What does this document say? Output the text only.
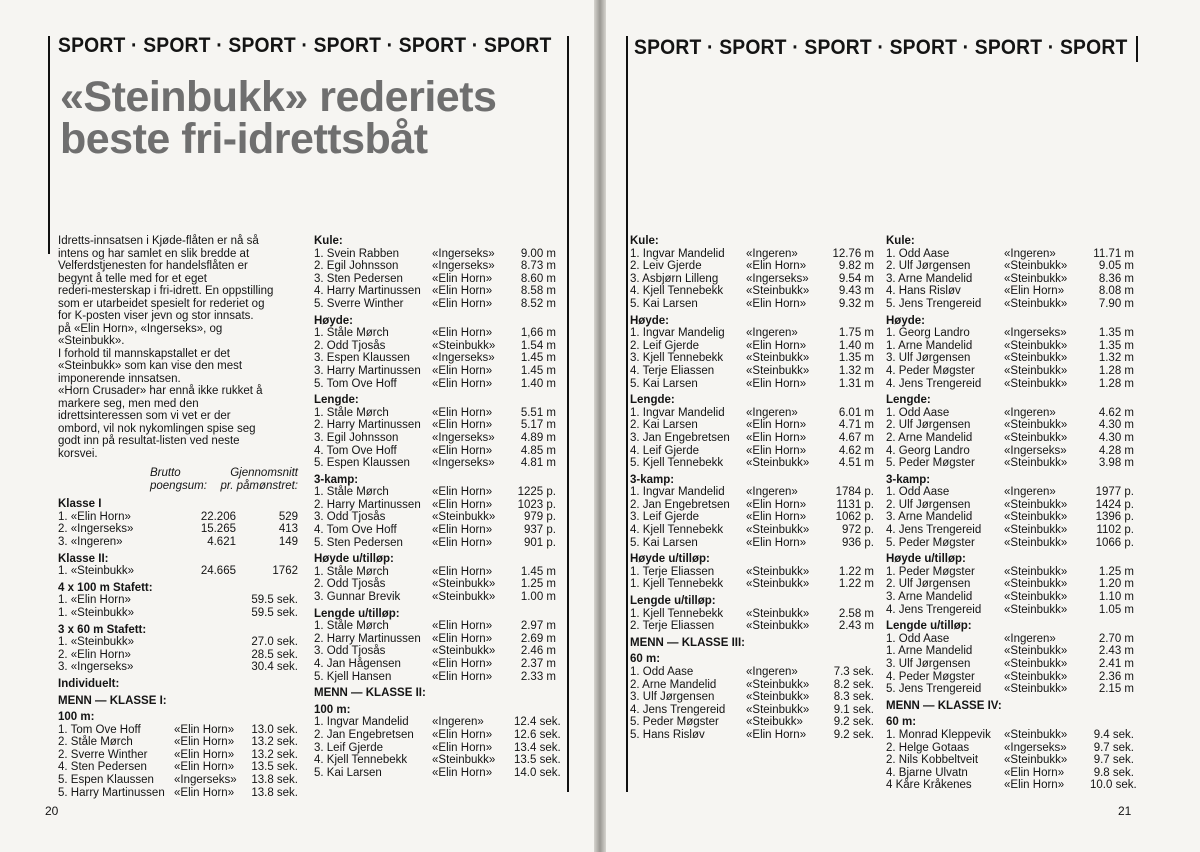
SPORT · SPORT · SPORT · SPORT · SPORT · SPORT
«Steinbukk» rederiets
beste fri-idrettsbåt

Idretts-innsatsen i Kjøde-flåten er nå så

intens og har samlet en slik bredde at

Velferdstjenesten for handelsflåten er

begynt å telle med for et eget

rederi-mesterskap i fri-idrett. En oppstilling

som er utarbeidet spesielt for rederiet og

for K-posten viser jevn og stor innsats.

på «Elin Horn», «Ingerseks», og

«Steinbukk».

I forhold til mannskapstallet er det

«Steinbukk» som kan vise den mest

imponerende innsatsen.

«Horn Crusader» har ennå ikke rukket å

markere seg, men med den

idrettsinteressen som vi vet er der

ombord, vil nok nykomlingen spise seg

godt inn på resultat-listen ved neste

korsvei.

Brutto	Gjennomsnitt
poengsum: pr. påmønstret:
Klasse I
1. «Elin Horn»	22.206	529
2. «Ingerseks»	15.265	413
3. «Ingeren»	4.621	149
Klasse II:
1. «Steinbukk»	24.665	1762
4 x 100 m Stafett:
1. «Elin Horn»	59.5 sek.
1. «Steinbukk»	59.5 sek.
3 x 60 m Stafett:
1. «Steinbukk»	27.0 sek.
2. «Elin Horn»	28.5 sek.
3. «Ingerseks»	30.4 sek.
Individuelt:
MENN — KLASSE I:
100 m:
1. Tom Ove Hoff	«Elin Horn»	13.0 sek.
2. Ståle Mørch	«Elin Horn»	13.2 sek.
2. Sverre Winther	«Elin Horn»	13.2 sek.
4. Sten Pedersen	«Elin Horn»	13.5 sek.
5. Espen Klaussen	«Ingerseks»	13.8 sek.
5. Harry Martinussen «Elin Horn»	13.8 sek.
Kule:
1. Svein Rabben	«Ingerseks»	9.00 m
2. Egil Johnsson	«Ingerseks»	8.73 m
3. Sten Pedersen	«Elin Horn»	8.60 m
4. Harry Martinussen «Elin Horn»	8.58 m
5. Sverre Winther	«Elin Horn»	8.52 m
Høyde:
1. Ståle Mørch	«Elin Horn»	1,66 m
2. Odd Tjosås	«Steinbukk»	1.54 m
3. Espen Klaussen	«Ingerseks»	1.45 m
3. Harry Martinussen «Elin Horn»	1.45 m
5. Tom Ove Hoff	«Elin Horn»	1.40 m
Lengde:
1. Ståle Mørch	«Elin Horn»	5.51 m
2. Harry Martinussen «Elin Horn»	5.17 m
3. Egil Johnsson	«Ingerseks»	4.89 m
4. Tom Ove Hoff	«Elin Horn»	4.85 m
5. Espen Klaussen	«Ingerseks»	4.81 m
3-kamp:
1. Ståle Mørch	«Elin Horn»	1225 p.
2. Harry Martinussen «Elin Horn»	1023 p.
3. Odd Tjosås	«Steinbukk»	979 p.
4. Tom Ove Hoff	«Elin Horn»	937 p.
5. Sten Pedersen	«Elin Horn»	901 p.
Høyde u/tilløp:
1. Ståle Mørch	«Elin Horn»	1.45 m
2. Odd Tjosås	«Steinbukk»	1.25 m
3. Gunnar Brevik	«Steinbukk»	1.00 m
Lengde u/tilløp:
1. Ståle Mørch	«Elin Horn»	2.97 m
2. Harry Martinussen «Elin Horn»	2.69 m
3. Odd Tjosås	«Steinbukk»	2.46 m
4. Jan Hågensen	«Elin Horn»	2.37 m
5. Kjell Hansen	«Elin Horn»	2.33 m
MENN — KLASSE II:
100 m:
1. Ingvar Mandelid	«Ingeren»	12.4 sek.
2. Jan Engebretsen	«Elin Horn»	12.6 sek.
3. Leif Gjerde	«Elin Horn»	13.4 sek.
4. Kjell Tennebekk	«Steinbukk»	13.5 sek.
5. Kai Larsen	«Elin Horn»	14.0 sek.
20
SPORT · SPORT · SPORT · SPORT · SPORT · SPORT
Kule:
1. Ingvar Mandelid	«Ingeren»	12.76 m
2. Leiv Gjerde	«Elin Horn»	9.82 m
3. Asbjørn Lilleng	«Ingerseks»	9.54 m
4. Kjell Tennebekk	«Steinbukk»	9.43 m
5. Kai Larsen	«Elin Horn»	9.32 m
Høyde:
1. Ingvar Mandelig	«Ingeren»	1.75 m
2. Leif Gjerde	«Elin Horn»	1.40 m
3. Kjell Tennebekk	«Steinbukk»	1.35 m
4. Terje Eliassen	«Steinbukk»	1.32 m
5. Kai Larsen	«Elin Horn»	1.31 m
Lengde:
1. Ingvar Mandelid	«Ingeren»	6.01 m
2. Kai Larsen	«Elin Horn»	4.71 m
3. Jan Engebretsen	«Elin Horn»	4.67 m
4. Leif Gjerde	«Elin Horn»	4.62 m
5. Kjell Tennebekk	«Steinbukk»	4.51 m
3-kamp:
1. Ingvar Mandelid	«Ingeren»	1784 p.
2. Jan Engebretsen	«Elin Horn»	1131 p.
3. Leif Gjerde	«Elin Horn»	1062 p.
4. Kjell Tennebekk	«Steinbukk»	972 p.
5. Kai Larsen	«Elin Horn»	936 p.
Høyde u/tilløp:
1. Terje Eliassen	«Steinbukk»	1.22 m
1. Kjell Tennebekk	«Steinbukk»	1.22 m
Lengde u/tilløp:
1. Kjell Tennebekk	«Steinbukk»	2.58 m
2. Terje Eliassen	«Steinbukk»	2.43 m
MENN — KLASSE III:
60 m:
1. Odd Aase	«Ingeren»	7.3 sek.
2. Arne Mandelid	«Steinbukk»	8.2 sek.
3. Ulf Jørgensen	«Steinbukk»	8.3 sek.
4. Jens Trengereid	«Steinbukk»	9.1 sek.
5. Peder Møgster	«Steibukk»	9.2 sek.
5. Hans Risløv	«Elin Horn»	9.2 sek.
Kule:
1. Odd Aase	«Ingeren»	11.71 m
2. Ulf Jørgensen	«Steinbukk»	9.05 m
3. Arne Mandelid	«Steinbukk»	8.36 m
4. Hans Risløv	«Elin Horn»	8.08 m
5. Jens Trengereid	«Steinbukk»	7.90 m
Høyde:
1. Georg Landro	«Ingerseks»	1.35 m
1. Arne Mandelid	«Steinbukk»	1.35 m
3. Ulf Jørgensen	«Steinbukk»	1.32 m
4. Peder Møgster	«Steinbukk»	1.28 m
4. Jens Trengereid	«Steinbukk»	1.28 m
Lengde:
1. Odd Aase	«Ingeren»	4.62 m
2. Ulf Jørgensen	«Steinbukk»	4.30 m
2. Arne Mandelid	«Steinbukk»	4.30 m
4. Georg Landro	«Ingerseks»	4.28 m
5. Peder Møgster	«Steinbukk»	3.98 m
3-kamp:
1. Odd Aase	«Ingeren»	1977 p.
2. Ulf Jørgensen	«Steinbukk»	1424 p.
3. Arne Mandelid	«Steinbukk»	1396 p.
4. Jens Trengereid	«Steinbukk»	1102 p.
5. Peder Møgster	«Steinbukk»	1066 p.
Høyde u/tilløp:
1. Peder Møgster	«Steinbukk»	1.25 m
2. Ulf Jørgensen	«Steinbukk»	1.20 m
3. Arne Mandelid	«Steinbukk»	1.10 m
4. Jens Trengereid	«Steinbukk»	1.05 m
Lengde u/tilløp:
1. Odd Aase	«Ingeren»	2.70 m
1. Arne Mandelid	«Steinbukk»	2.43 m
3. Ulf Jørgensen	«Steinbukk»	2.41 m
4. Peder Møgster	«Steinbukk»	2.36 m
5. Jens Trengereid	«Steinbukk»	2.15 m
MENN — KLASSE IV:
60 m:
1. Monrad Kleppevik	«Steinbukk»	9.4 sek.
2. Helge Gotaas	«Ingerseks»	9.7 sek.
2. Nils Kobbeltveit	«Steinbukk»	9.7 sek.
4. Bjarne Ulvatn	«Elin Horn»	9.8 sek.
4 Kåre Kråkenes	«Elin Horn»	10.0 sek.
21
